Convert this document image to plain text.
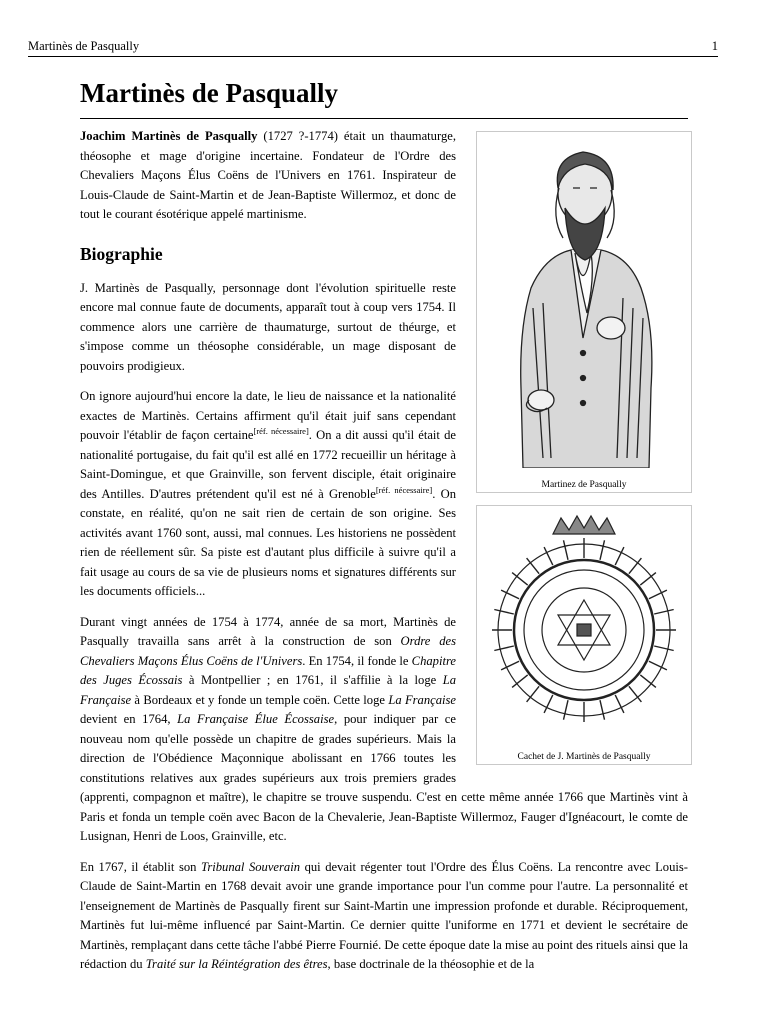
Martinès de Pasqually	1
Martinès de Pasqually
Martinez de Pasqually

Joachim Martinès de Pasqually (1727 ?-1774) était un thaumaturge, théosophe et mage d'origine incertaine. Fondateur de l'Ordre des Chevaliers Maçons Élus Coëns de l'Univers en 1761. Inspirateur de Louis-Claude de Saint-Martin et de Jean-Baptiste Willermoz, et donc de tout le courant ésotérique appelé martinisme.

Biographie

J. Martinès de Pasqually, personnage dont l'évolution spirituelle reste encore mal connue faute de documents, apparaît tout à coup vers 1754. Il commence alors une carrière de thaumaturge, surtout de théurge, et s'impose comme un théosophe considérable, un mage disposant de pouvoirs prodigieux.

Cachet de J. Martinès de Pasqually

On ignore aujourd'hui encore la date, le lieu de naissance et la nationalité exactes de Martinès. Certains affirment qu'il était juif sans cependant pouvoir l'établir de façon certaine[réf. nécessaire]. On a dit aussi qu'il était de nationalité portugaise, du fait qu'il est allé en 1772 recueillir un héritage à Saint-Domingue, et que Grainville, son fervent disciple, était originaire des Antilles. D'autres prétendent qu'il est né à Grenoble[réf. nécessaire]. On constate, en réalité, qu'on ne sait rien de certain de son origine. Ses activités avant 1760 sont, aussi, mal connues. Les historiens ne possèdent rien de réellement sûr. Sa piste est d'autant plus difficile à suivre qu'il a fait usage au cours de sa vie de plusieurs noms et signatures différents sur les documents officiels...

Durant vingt années de 1754 à 1774, année de sa mort, Martinès de Pasqually travailla sans arrêt à la construction de son Ordre des Chevaliers Maçons Élus Coëns de l'Univers. En 1754, il fonde le Chapitre des Juges Écossais à Montpellier ; en 1761, il s'affilie à la loge La Française à Bordeaux et y fonde un temple coën. Cette loge La Française devient en 1764, La Française Élue Écossaise, pour indiquer par ce nouveau nom qu'elle possède un chapitre de grades supérieurs. Mais la direction de l'Obédience Maçonnique abolissant en 1766 toutes les constitutions relatives aux grades supérieurs aux trois premiers grades (apprenti, compagnon et maître), le chapitre se trouve suspendu. C'est en cette même année 1766 que Martinès vint à Paris et fonda un temple coën avec Bacon de la Chevalerie, Jean-Baptiste Willermoz, Fauger d'Ignéacourt, le comte de Lusignan, Henri de Loos, Grainville, etc.

En 1767, il établit son Tribunal Souverain qui devait régenter tout l'Ordre des Élus Coëns. La rencontre avec Louis-Claude de Saint-Martin en 1768 devait avoir une grande importance pour l'un comme pour l'autre. La personnalité et l'enseignement de Martinès de Pasqually firent sur Saint-Martin une impression profonde et durable. Réciproquement, Martinès fut lui-même influencé par Saint-Martin. Ce dernier quitte l'uniforme en 1771 et devient le secrétaire de Martinès, remplaçant dans cette tâche l'abbé Pierre Fournié. De cette époque date la mise au point des rituels ainsi que la rédaction du Traité sur la Réintégration des êtres, base doctrinale de la théosophie et de la
